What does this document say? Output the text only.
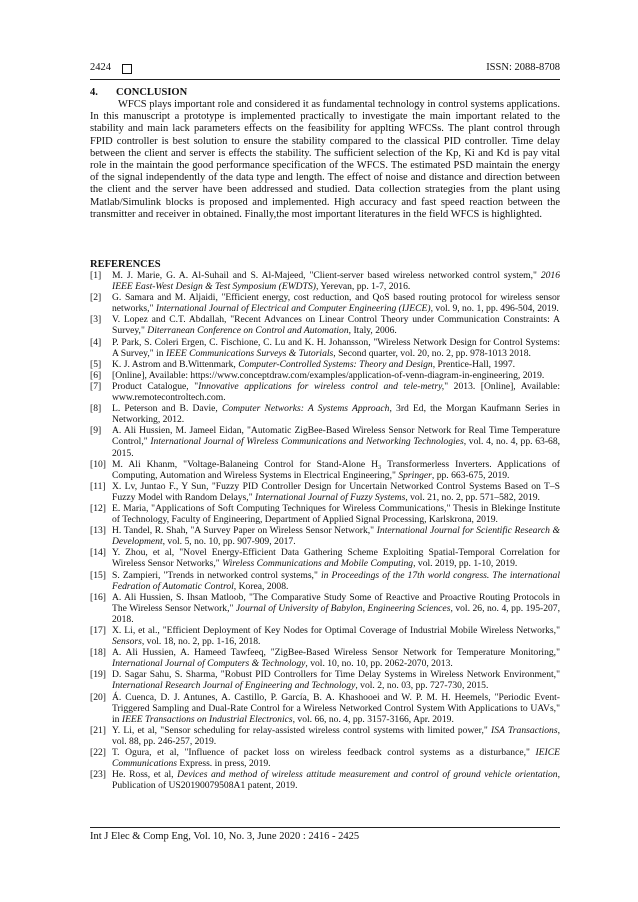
2424	ISSN: 2088-8708
4. CONCLUSION

WFCS plays important role and considered it as fundamental technology in control systems applications. In this manuscript a prototype is implemented practically to investigate the main important related to the stability and main lack parameters effects on the feasibility for applting WFCSs. The plant control through FPID controller is best solution to ensure the stability compared to the classical PID controller. Time delay between the client and server is effects the stability. The sufficient selection of the Kp, Ki and Kd is pay vital role in the maintain the good performance specification of the WFCS. The estimated PSD maintain the energy of the signal independently of the data type and length. The effect of noise and distance and direction between the client and the server have been addressed and studied. Data collection strategies from the plant using Matlab/Simulink blocks is proposed and implemented. High accuracy and fast speed reaction between the transmitter and receiver in obtained. Finally,the most important literatures in the field WFCS is highlighted.

REFERENCES
[1] M. J. Marie, G. A. Al-Suhail and S. Al-Majeed, "Client-server based wireless networked control system," 2016 IEEE East-West Design & Test Symposium (EWDTS), Yerevan, pp. 1-7, 2016.
[2] G. Samara and M. Aljaidi, "Efficient energy, cost reduction, and QoS based routing protocol for wireless sensor networks," International Journal of Electrical and Computer Engineering (IJECE), vol. 9, no. 1, pp. 496-504, 2019.
[3] V. Lopez and C.T. Abdallah, "Recent Advances on Linear Control Theory under Communication Constraints: A Survey," Diterranean Conference on Control and Automation, Italy, 2006.
[4] P. Park, S. Coleri Ergen, C. Fischione, C. Lu and K. H. Johansson, "Wireless Network Design for Control Systems: A Survey," in IEEE Communications Surveys & Tutorials, Second quarter, vol. 20, no. 2, pp. 978-1013 2018.
[5] K. J. Astrom and B.Wittenmark, Computer-Controlled Systems: Theory and Design, Prentice-Hall, 1997.
[6] [Online], Available: https://www.conceptdraw.com/examples/application-of-venn-diagram-in-engineering, 2019.
[7] Product Catalogue, "Innovative applications for wireless control and tele-metry," 2013. [Online], Available: www.remotecontroltech.com.
[8] L. Peterson and B. Davie, Computer Networks: A Systems Approach, 3rd Ed, the Morgan Kaufmann Series in Networking, 2012.
[9] A. Ali Hussien, M. Jameel Eidan, "Automatic ZigBee-Based Wireless Sensor Network for Real Time Temperature Control," International Journal of Wireless Communications and Networking Technologies, vol. 4, no. 4, pp. 63-68, 2015.
[10] M. Ali Khanm, "Voltage-Balaneing Control for Stand-Alone H₃ Transformerless Inverters. Applications of Computing, Automation and Wireless Systems in Electrical Engineering," Springer, pp. 663-675, 2019.
[11] X. Lv, Juntao F., Y Sun, "Fuzzy PID Controller Design for Uncertain Networked Control Systems Based on T–S Fuzzy Model with Random Delays," International Journal of Fuzzy Systems, vol. 21, no. 2, pp. 571–582, 2019.
[12] E. Maria, "Applications of Soft Computing Techniques for Wireless Communications," Thesis in Blekinge Institute of Technology, Faculty of Engineering, Department of Applied Signal Processing, Karlskrona, 2019.
[13] H. Tandel, R. Shah, "A Survey Paper on Wireless Sensor Network," International Journal for Scientific Research & Development, vol. 5, no. 10, pp. 907-909, 2017.
[14] Y. Zhou, et al, "Novel Energy-Efficient Data Gathering Scheme Exploiting Spatial-Temporal Correlation for Wireless Sensor Networks," Wireless Communications and Mobile Computing, vol. 2019, pp. 1-10, 2019.
[15] S. Zampieri, "Trends in networked control systems," in Proceedings of the 17th world congress. The international Fedration of Automatic Control, Korea, 2008.
[16] A. Ali Hussien, S. Ihsan Matloob, "The Comparative Study Some of Reactive and Proactive Routing Protocols in The Wireless Sensor Network," Journal of University of Babylon, Engineering Sciences, vol. 26, no. 4, pp. 195-207, 2018.
[17] X. Li, et al., "Efficient Deployment of Key Nodes for Optimal Coverage of Industrial Mobile Wireless Networks," Sensors, vol. 18, no. 2, pp. 1-16, 2018.
[18] A. Ali Hussien, A. Hameed Tawfeeq, "ZigBee-Based Wireless Sensor Network for Temperature Monitoring," International Journal of Computers & Technology, vol. 10, no. 10, pp. 2062-2070, 2013.
[19] D. Sagar Sahu, S. Sharma, "Robust PID Controllers for Time Delay Systems in Wireless Network Environment," International Research Journal of Engineering and Technology, vol. 2, no. 03, pp. 727-730, 2015.
[20] Á. Cuenca, D. J. Antunes, A. Castillo, P. García, B. A. Khashooei and W. P. M. H. Heemels, "Periodic Event-Triggered Sampling and Dual-Rate Control for a Wireless Networked Control System With Applications to UAVs," in IEEE Transactions on Industrial Electronics, vol. 66, no. 4, pp. 3157-3166, Apr. 2019.
[21] Y. Li, et al, "Sensor scheduling for relay-assisted wireless control systems with limited power," ISA Transactions, vol. 88, pp. 246-257, 2019.
[22] T. Ogura, et al, "Influence of packet loss on wireless feedback control systems as a disturbance," IEICE Communications Express. in press, 2019.
[23] He. Ross, et al, Devices and method of wireless attitude measurement and control of ground vehicle orientation, Publication of US20190079508A1 patent, 2019.
Int J Elec & Comp Eng, Vol. 10, No. 3, June 2020 : 2416 - 2425
